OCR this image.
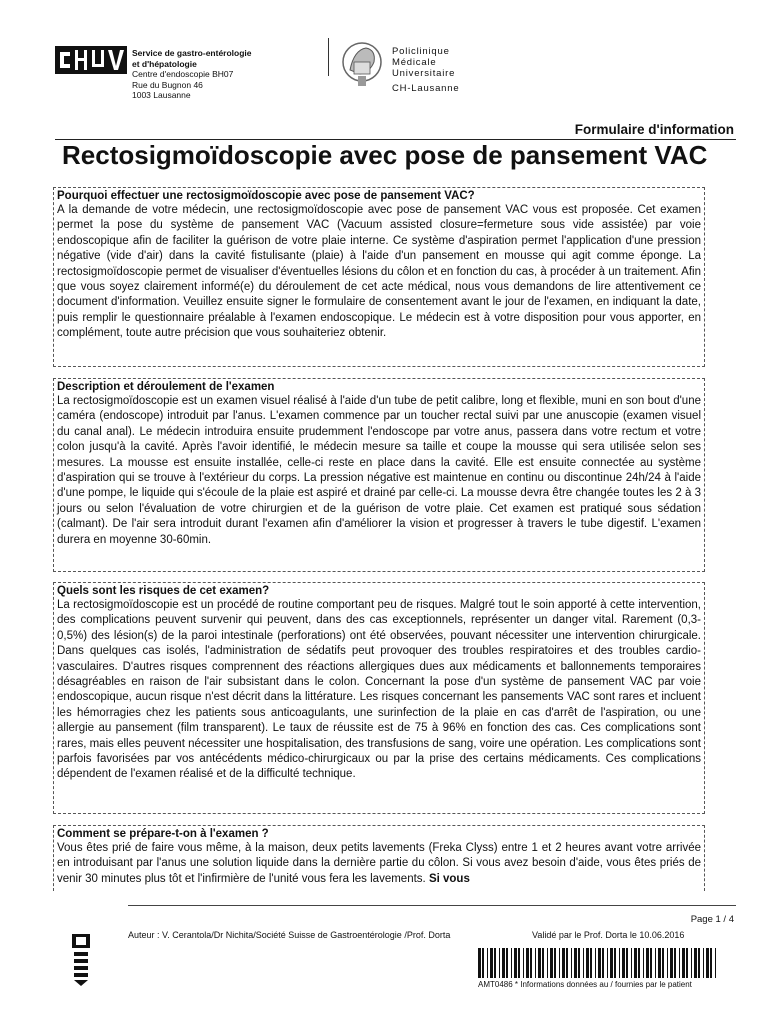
Service de gastro-entérologie
et d'hépatologie
Centre d'endoscopie BH07
Rue du Bugnon 46
1003 Lausanne
Policlinique
Médicale
Universitaire
CH-Lausanne
Formulaire d'information
Rectosigmoïdoscopie avec pose de pansement VAC
Pourquoi effectuer une rectosigmoïdoscopie avec pose de pansement VAC?
A la demande de votre médecin, une rectosigmoïdoscopie avec pose de pansement VAC vous est proposée. Cet examen permet la pose du système de pansement VAC (Vacuum assisted closure=fermeture sous vide assistée) par voie endoscopique afin de faciliter la guérison de votre plaie interne. Ce système d'aspiration permet l'application d'une pression négative (vide d'air) dans la cavité fistulisante (plaie) à l'aide d'un pansement en mousse qui agit comme éponge. La rectosigmoïdoscopie permet de visualiser d'éventuelles lésions du côlon et en fonction du cas, à procéder à un traitement. Afin que vous soyez clairement informé(e) du déroulement de cet acte médical, nous vous demandons de lire attentivement ce document d'information. Veuillez ensuite signer le formulaire de consentement avant le jour de l'examen, en indiquant la date, puis remplir le questionnaire préalable à l'examen endoscopique. Le médecin est à votre disposition pour vous apporter, en complément, toute autre précision que vous souhaiteriez obtenir.
Description et déroulement de l'examen
La rectosigmoïdoscopie est un examen visuel réalisé à l'aide d'un tube de petit calibre, long et flexible, muni en son bout d'une caméra (endoscope) introduit par l'anus. L'examen commence par un toucher rectal suivi par une anuscopie (examen visuel du canal anal). Le médecin introduira ensuite prudemment l'endoscope par votre anus, passera dans votre rectum et votre colon jusqu'à la cavité. Après l'avoir identifié, le médecin mesure sa taille et coupe la mousse qui sera utilisée selon ses mesures. La mousse est ensuite installée, celle-ci reste en place dans la cavité. Elle est ensuite connectée au système d'aspiration qui se trouve à l'extérieur du corps. La pression négative est maintenue en continu ou discontinue 24h/24 à l'aide d'une pompe, le liquide qui s'écoule de la plaie est aspiré et drainé par celle-ci. La mousse devra être changée toutes les 2 à 3 jours ou selon l'évaluation de votre chirurgien et de la guérison de votre plaie. Cet examen est pratiqué sous sédation (calmant). De l'air sera introduit durant l'examen afin d'améliorer la vision et progresser à travers le tube digestif. L'examen durera en moyenne 30-60min.
Quels sont les risques de cet examen?
La rectosigmoïdoscopie est un procédé de routine comportant peu de risques. Malgré tout le soin apporté à cette intervention, des complications peuvent survenir qui peuvent, dans des cas exceptionnels, représenter un danger vital. Rarement (0,3-0,5%) des lésion(s) de la paroi intestinale (perforations) ont été observées, pouvant nécessiter une intervention chirurgicale. Dans quelques cas isolés, l'administration de sédatifs peut provoquer des troubles respiratoires et des troubles cardio-vasculaires. D'autres risques comprennent des réactions allergiques dues aux médicaments et ballonnements temporaires désagréables en raison de l'air subsistant dans le colon. Concernant la pose d'un système de pansement VAC par voie endoscopique, aucun risque n'est décrit dans la littérature. Les risques concernant les pansements VAC sont rares et incluent les hémorragies chez les patients sous anticoagulants, une surinfection de la plaie en cas d'arrêt de l'aspiration, ou une allergie au pansement (film transparent). Le taux de réussite est de 75 à 96% en fonction des cas. Ces complications sont rares, mais elles peuvent nécessiter une hospitalisation, des transfusions de sang, voire une opération. Les complications sont parfois favorisées par vos antécédents médico-chirurgicaux ou par la prise des certains médicaments. Ces complications dépendent de l'examen réalisé et de la difficulté technique.
Comment se prépare-t-on à l'examen ?
Vous êtes prié de faire vous même, à la maison, deux petits lavements (Freka Clyss) entre 1 et 2 heures avant votre arrivée en introduisant par l'anus une solution liquide dans la dernière partie du côlon. Si vous avez besoin d'aide, vous êtes priés de venir 30 minutes plus tôt et l'infirmière de l'unité vous fera les lavements. Si vous
Page 1 / 4
Auteur : V. Cerantola/Dr Nichita/Société Suisse de Gastroentérologie /Prof. Dorta	Validé par le Prof. Dorta le 10.06.2016
AMT0486 * Informations données au / fournies par le patient
